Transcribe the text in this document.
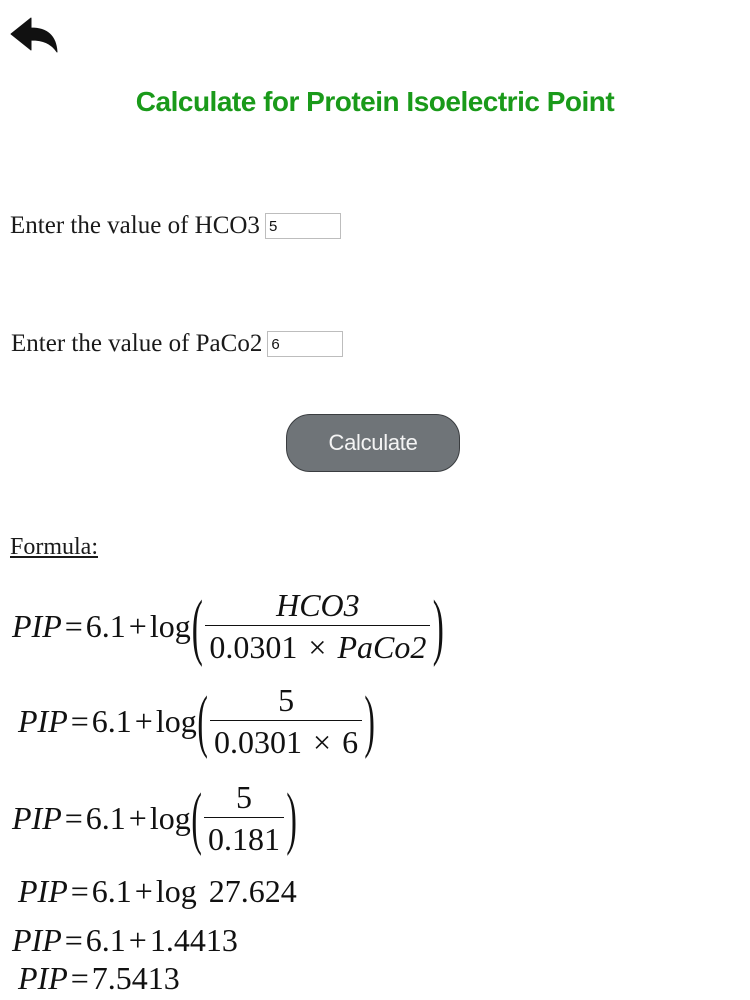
Calculate for Protein Isoelectric Point
Enter the value of HCO3
5
Enter the value of PaCo2
6
Calculate
Formula:
PIP = 6.1 + log ( $\frac{\text{HCO3}}{\text{0.0301 × PaCo2}}$ )
PIP = 6.1 + log ( $\frac{5}{0.0301 \times 6}$ )
PIP = 6.1 + log ( $\frac{5}{0.181}$ )
PIP = 6.1 + log 27.624
PIP = 6.1 + 1.4413
PIP = 7.5413
